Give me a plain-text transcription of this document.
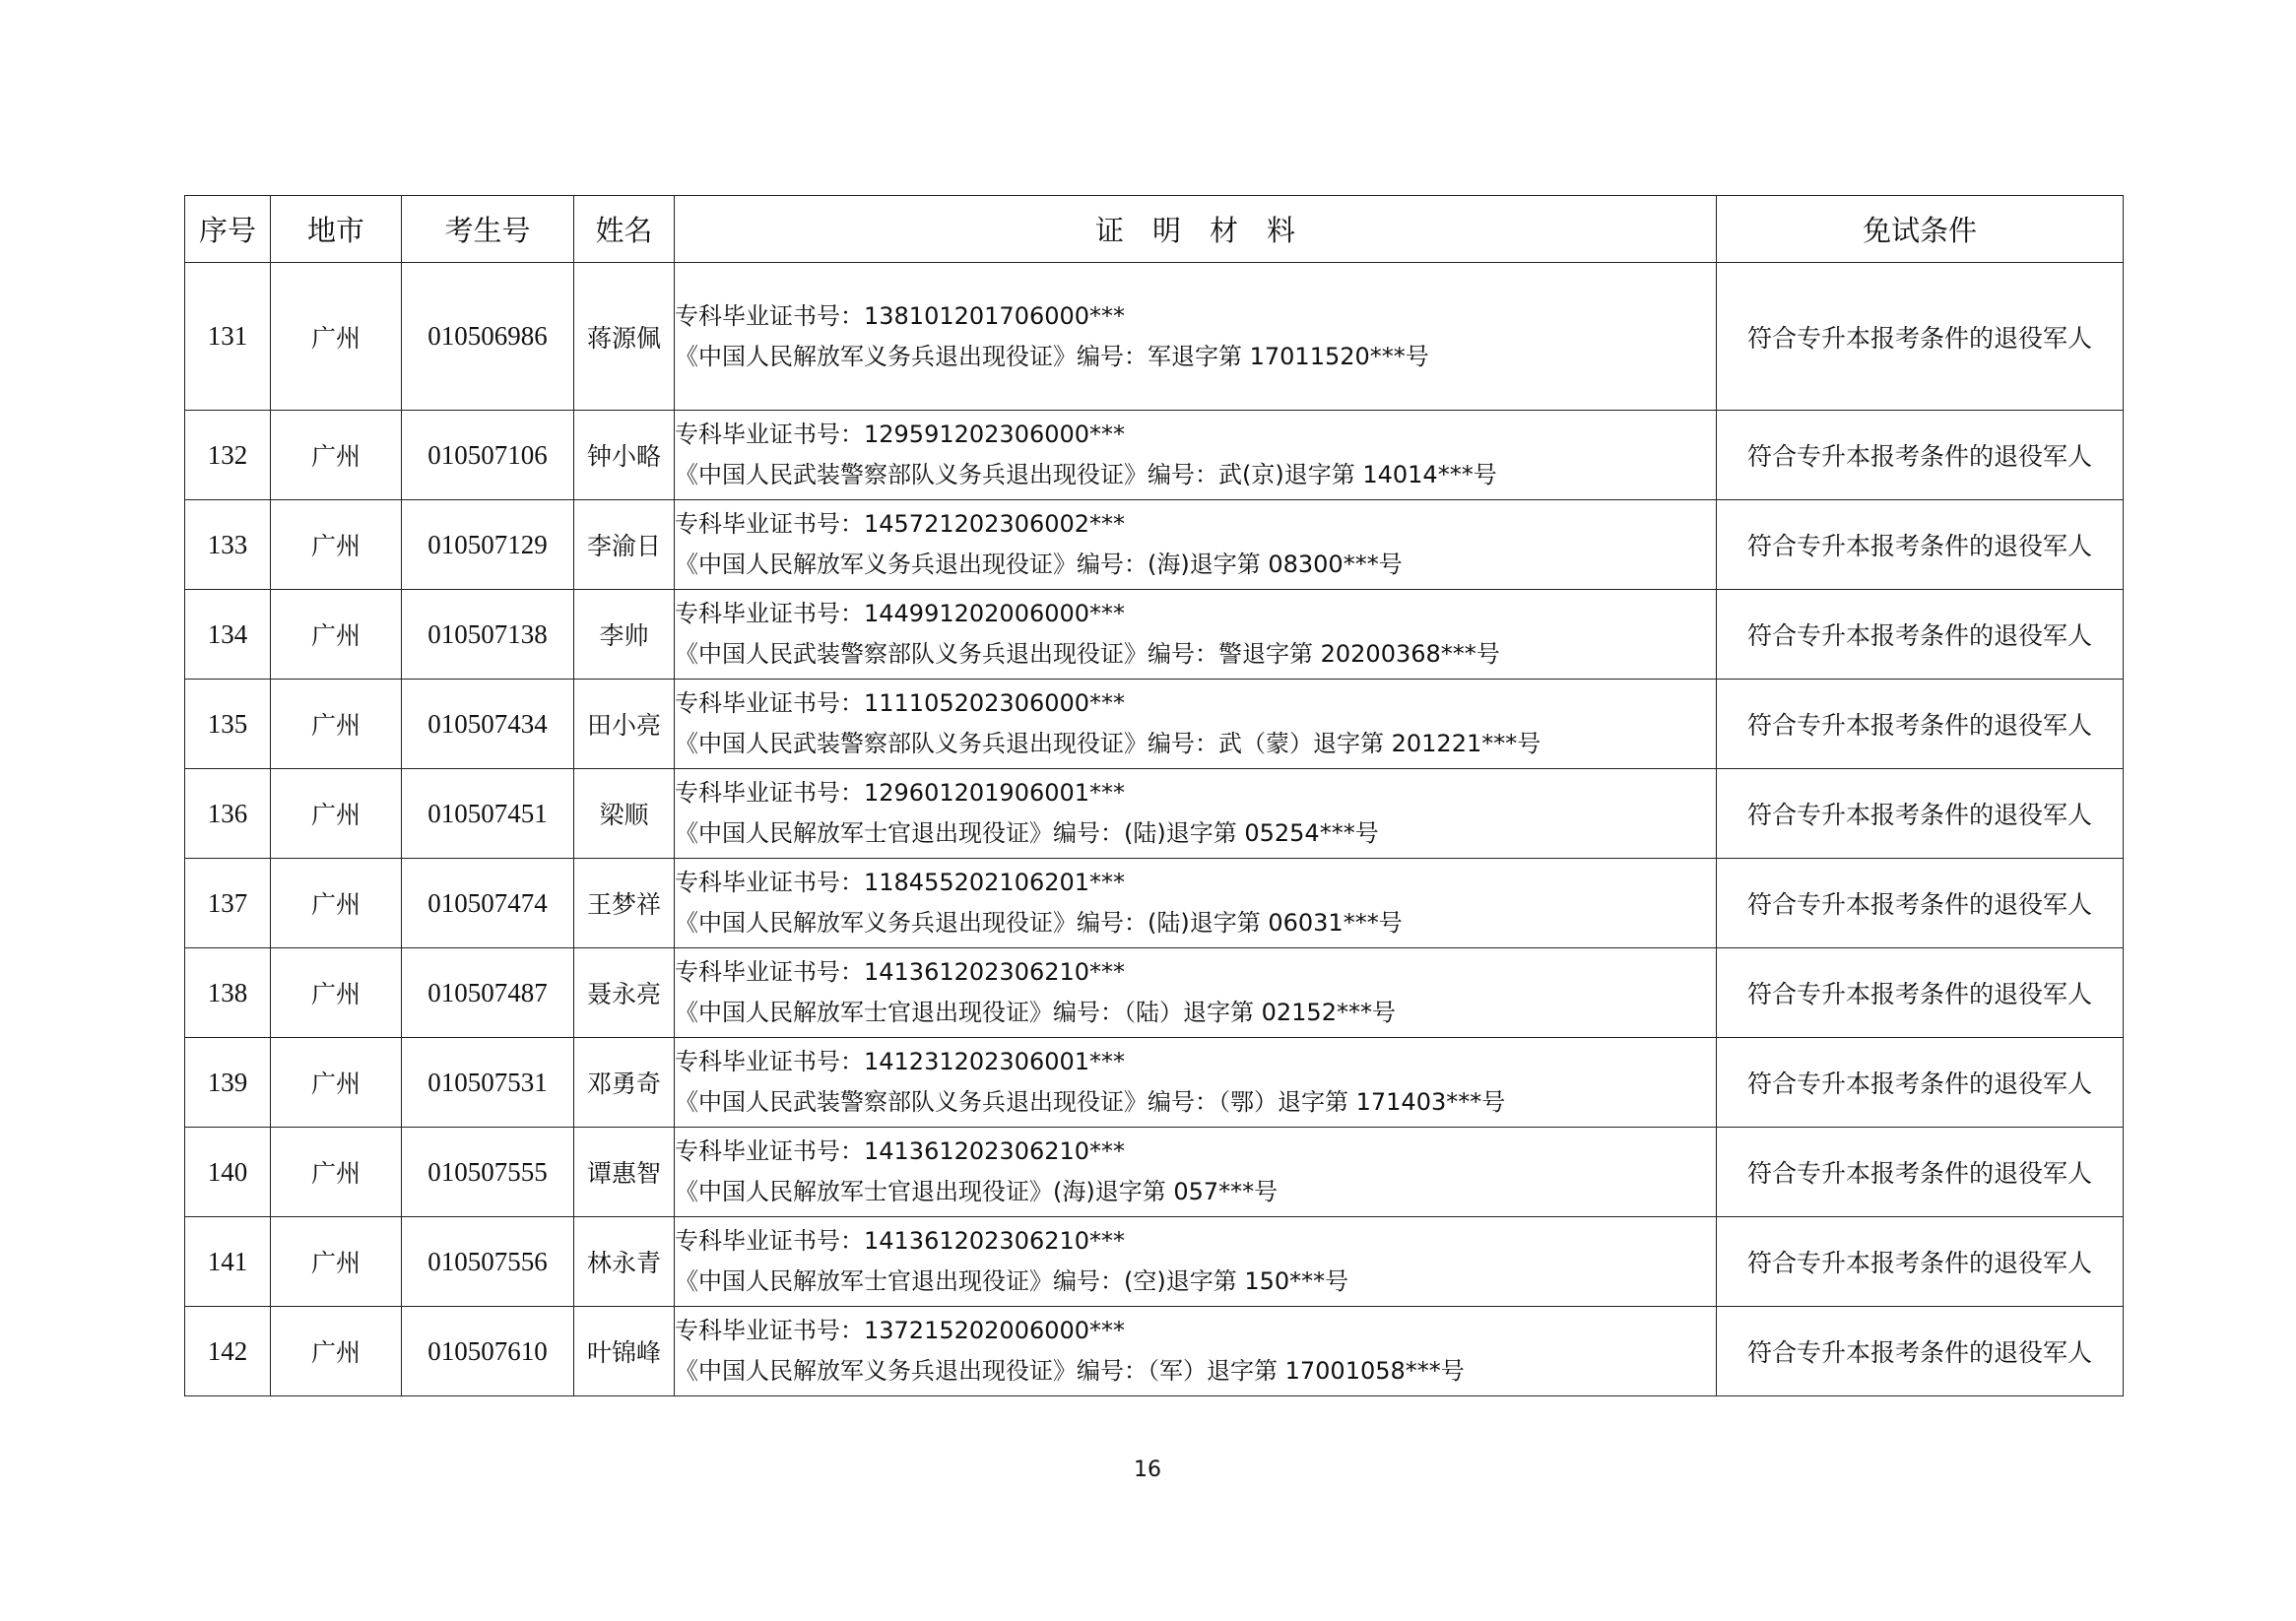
序号	地市	考生号	姓名	证　明　材　料	免试条件
131	广州	010506986	蒋源佩	专科毕业证书号：138101201706000***
《中国人民解放军义务兵退出现役证》编号：军退字第 17011520***号	符合专升本报考条件的退役军人
132	广州	010507106	钟小略	专科毕业证书号：129591202306000***
《中国人民武装警察部队义务兵退出现役证》编号：武(京)退字第 14014***号	符合专升本报考条件的退役军人
133	广州	010507129	李渝日	专科毕业证书号：145721202306002***
《中国人民解放军义务兵退出现役证》编号：(海)退字第 08300***号	符合专升本报考条件的退役军人
134	广州	010507138	李帅	专科毕业证书号：144991202006000***
《中国人民武装警察部队义务兵退出现役证》编号：警退字第 20200368***号	符合专升本报考条件的退役军人
135	广州	010507434	田小亮	专科毕业证书号：111105202306000***
《中国人民武装警察部队义务兵退出现役证》编号：武（蒙）退字第 201221***号	符合专升本报考条件的退役军人
136	广州	010507451	梁顺	专科毕业证书号：129601201906001***
《中国人民解放军士官退出现役证》编号：(陆)退字第 05254***号	符合专升本报考条件的退役军人
137	广州	010507474	王梦祥	专科毕业证书号：118455202106201***
《中国人民解放军义务兵退出现役证》编号：(陆)退字第 06031***号	符合专升本报考条件的退役军人
138	广州	010507487	聂永亮	专科毕业证书号：141361202306210***
《中国人民解放军士官退出现役证》编号：（陆）退字第 02152***号	符合专升本报考条件的退役军人
139	广州	010507531	邓勇奇	专科毕业证书号：141231202306001***
《中国人民武装警察部队义务兵退出现役证》编号：（鄂）退字第 171403***号	符合专升本报考条件的退役军人
140	广州	010507555	谭惠智	专科毕业证书号：141361202306210***
《中国人民解放军士官退出现役证》(海)退字第 057***号	符合专升本报考条件的退役军人
141	广州	010507556	林永青	专科毕业证书号：141361202306210***
《中国人民解放军士官退出现役证》编号：(空)退字第 150***号	符合专升本报考条件的退役军人
142	广州	010507610	叶锦峰	专科毕业证书号：137215202006000***
《中国人民解放军义务兵退出现役证》编号：（军）退字第 17001058***号	符合专升本报考条件的退役军人
16
